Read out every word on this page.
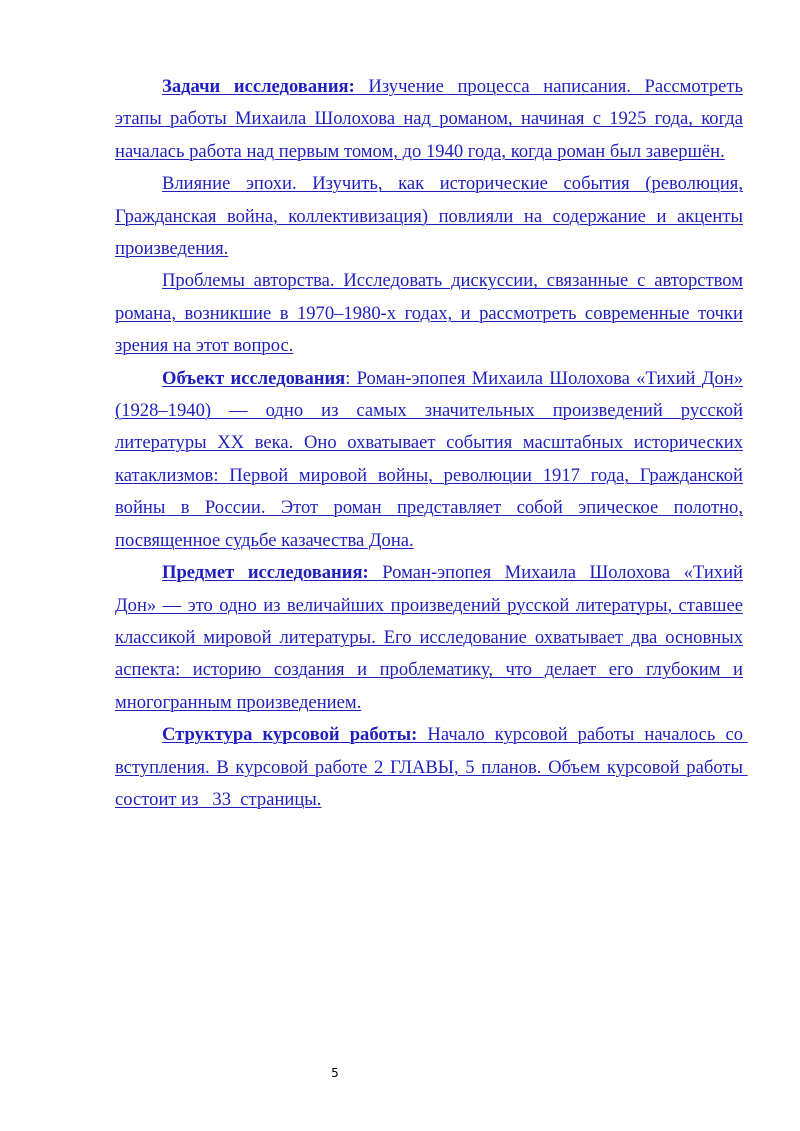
Задачи исследования: Изучение процесса написания. Рассмотреть этапы работы Михаила Шолохова над романом, начиная с 1925 года, когда началась работа над первым томом, до 1940 года, когда роман был завершён.

Влияние эпохи. Изучить, как исторические события (революция, Гражданская война, коллективизация) повлияли на содержание и акценты произведения.

Проблемы авторства. Исследовать дискуссии, связанные с авторством романа, возникшие в 1970–1980-х годах, и рассмотреть современные точки зрения на этот вопрос.

Объект исследования: Роман-эпопея Михаила Шолохова «Тихий Дон» (1928–1940) — одно из самых значительных произведений русской литературы XX века. Оно охватывает события масштабных исторических катаклизмов: Первой мировой войны, революции 1917 года, Гражданской войны в России. Этот роман представляет собой эпическое полотно, посвященное судьбе казачества Дона.

Предмет исследования: Роман-эпопея Михаила Шолохова «Тихий Дон» — это одно из величайших произведений русской литературы, ставшее классикой мировой литературы. Его исследование охватывает два основных аспекта: историю создания и проблематику, что делает его глубоким и многогранным произведением.

Структура курсовой работы: Начало курсовой работы началось со вступления. В курсовой работе 2 ГЛАВЫ, 5 планов. Объем курсовой работы состоит из   33  страницы.

5
